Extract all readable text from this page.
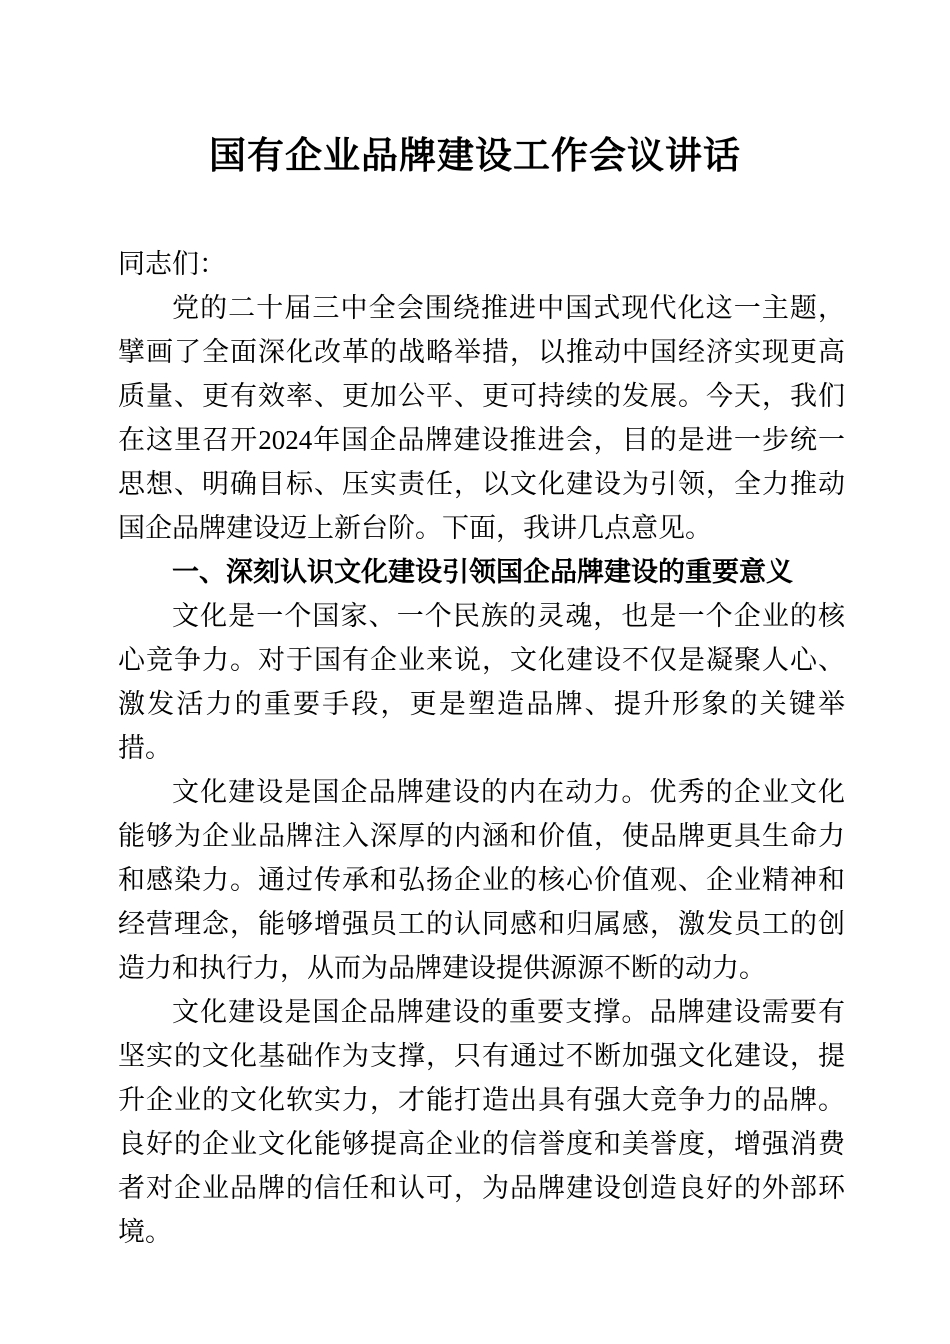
国有企业品牌建设工作会议讲话

同志们：

党的二十届三中全会围绕推进中国式现代化这一主题，擘画了全面深化改革的战略举措，以推动中国经济实现更高质量、更有效率、更加公平、更可持续的发展。今天，我们在这里召开2024年国企品牌建设推进会，目的是进一步统一思想、明确目标、压实责任，以文化建设为引领，全力推动国企品牌建设迈上新台阶。下面，我讲几点意见。

一、深刻认识文化建设引领国企品牌建设的重要意义

文化是一个国家、一个民族的灵魂，也是一个企业的核心竞争力。对于国有企业来说，文化建设不仅是凝聚人心、激发活力的重要手段，更是塑造品牌、提升形象的关键举措。

文化建设是国企品牌建设的内在动力。优秀的企业文化能够为企业品牌注入深厚的内涵和价值，使品牌更具生命力和感染力。通过传承和弘扬企业的核心价值观、企业精神和经营理念，能够增强员工的认同感和归属感，激发员工的创造力和执行力，从而为品牌建设提供源源不断的动力。

文化建设是国企品牌建设的重要支撑。品牌建设需要有坚实的文化基础作为支撑，只有通过不断加强文化建设，提升企业的文化软实力，才能打造出具有强大竞争力的品牌。良好的企业文化能够提高企业的信誉度和美誉度，增强消费者对企业品牌的信任和认可，为品牌建设创造良好的外部环境。
